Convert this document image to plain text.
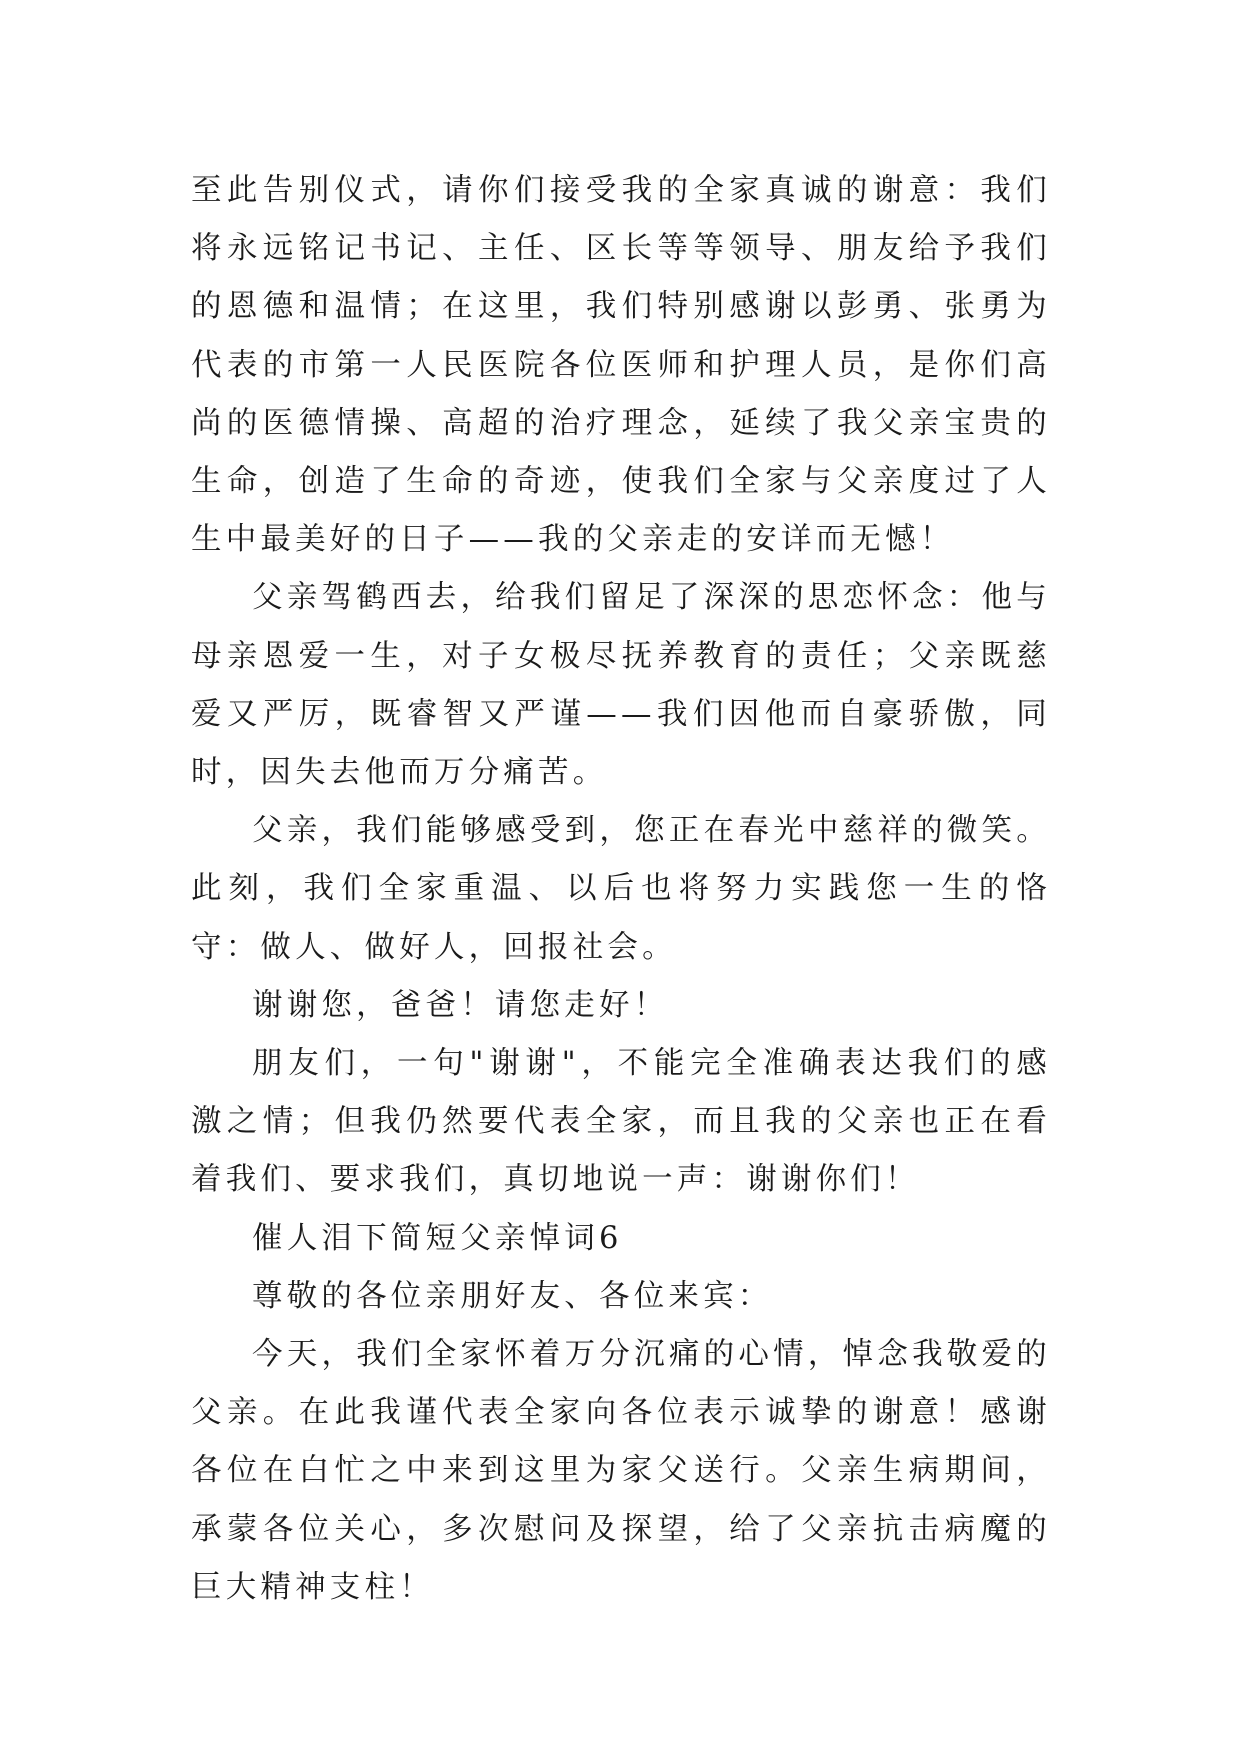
至此告别仪式，请你们接受我的全家真诚的谢意：我们将永远铭记书记、主任、区长等等领导、朋友给予我们的恩德和温情；在这里，我们特别感谢以彭勇、张勇为代表的市第一人民医院各位医师和护理人员，是你们高尚的医德情操、高超的治疗理念，延续了我父亲宝贵的生命，创造了生命的奇迹，使我们全家与父亲度过了人生中最美好的日子——我的父亲走的安详而无憾！

父亲驾鹤西去，给我们留足了深深的思恋怀念：他与母亲恩爱一生，对子女极尽抚养教育的责任；父亲既慈爱又严厉，既睿智又严谨——我们因他而自豪骄傲，同时，因失去他而万分痛苦。

父亲，我们能够感受到，您正在春光中慈祥的微笑。此刻，我们全家重温、以后也将努力实践您一生的恪守：做人、做好人，回报社会。

谢谢您，爸爸！请您走好！

朋友们，一句"谢谢"，不能完全准确表达我们的感激之情；但我仍然要代表全家，而且我的父亲也正在看着我们、要求我们，真切地说一声：谢谢你们！

催人泪下简短父亲悼词6

尊敬的各位亲朋好友、各位来宾：

今天，我们全家怀着万分沉痛的心情，悼念我敬爱的父亲。在此我谨代表全家向各位表示诚挚的谢意！感谢各位在白忙之中来到这里为家父送行。父亲生病期间，承蒙各位关心，多次慰问及探望，给了父亲抗击病魔的巨大精神支柱！
